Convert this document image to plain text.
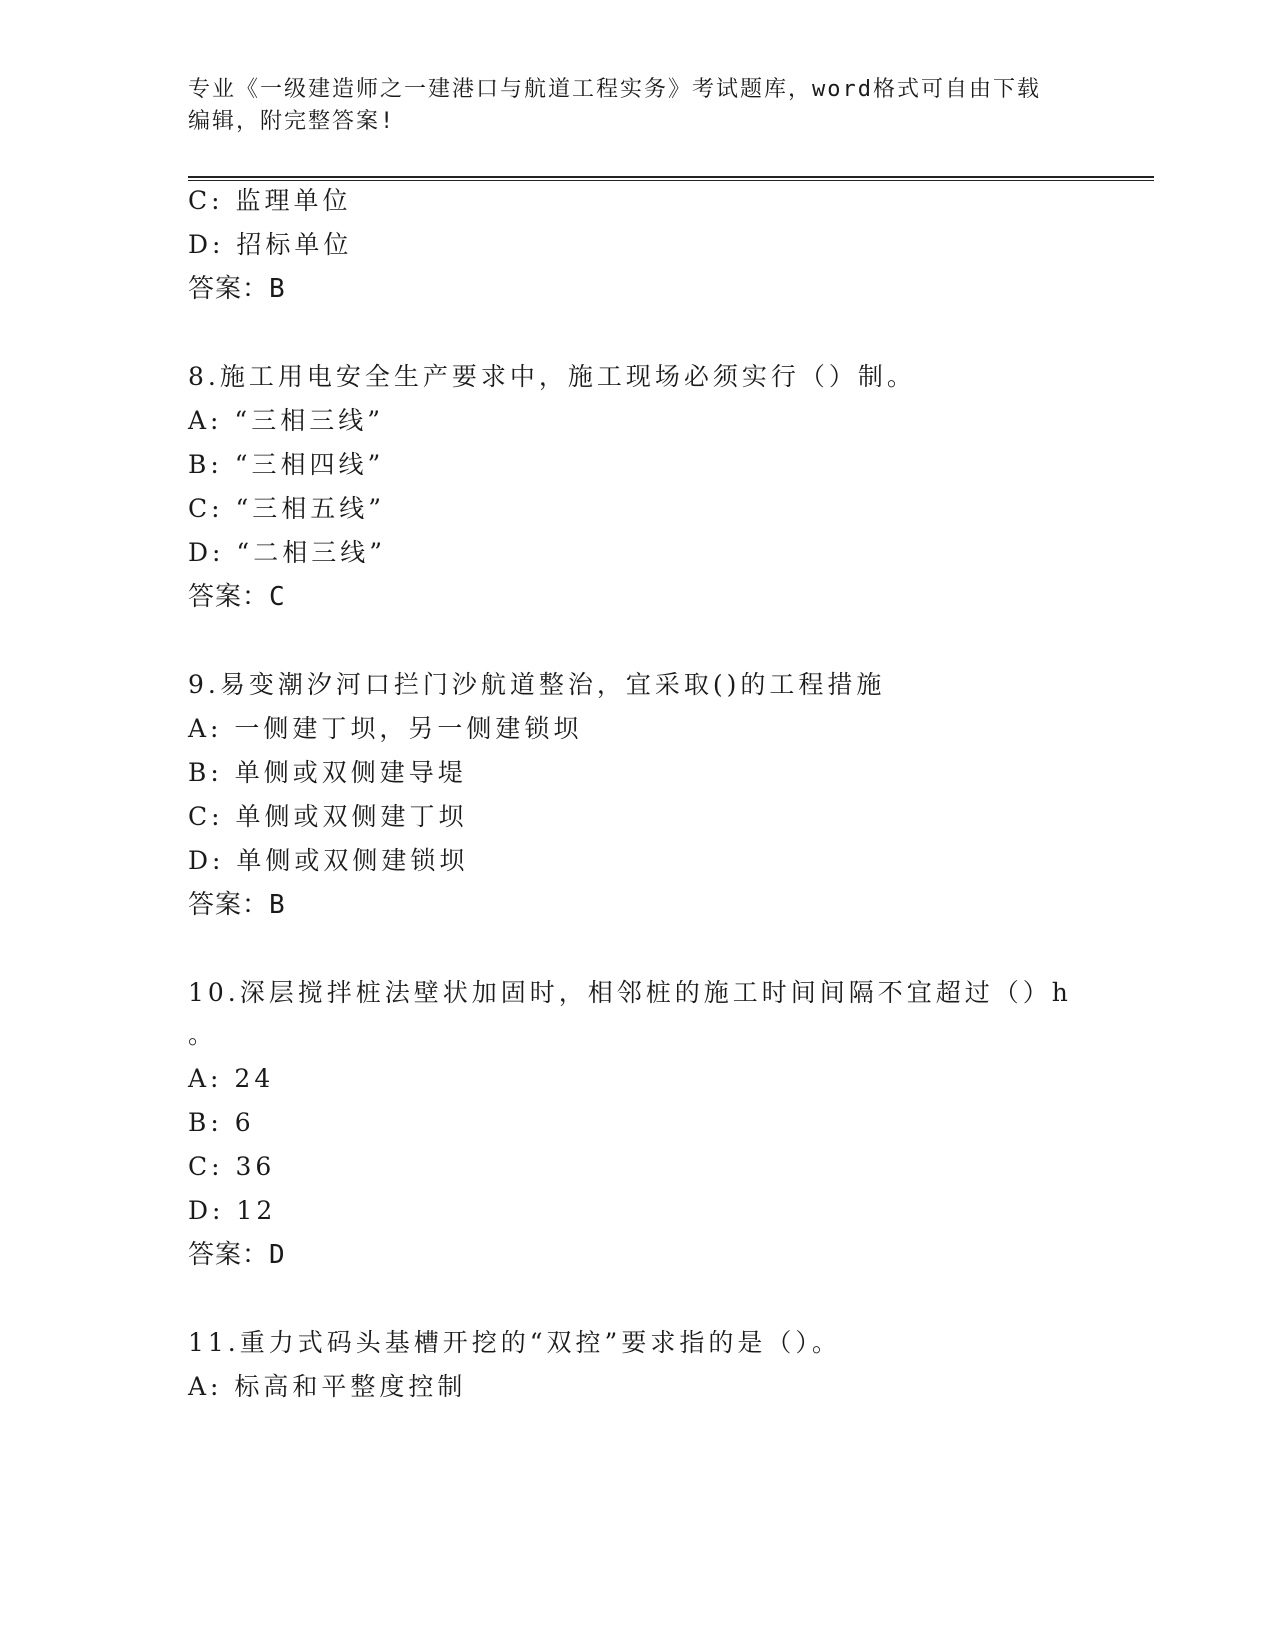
专业《一级建造师之一建港口与航道工程实务》考试题库，word格式可自由下载
编辑，附完整答案!
C: 监理单位
D: 招标单位
答案：B
8.施工用电安全生产要求中，施工现场必须实行（）制。
A: “三相三线”
B: “三相四线”
C: “三相五线”
D: “二相三线”
答案：C
9.易变潮汐河口拦门沙航道整治，宜采取()的工程措施
A: 一侧建丁坝，另一侧建锁坝
B: 单侧或双侧建导堤
C: 单侧或双侧建丁坝
D: 单侧或双侧建锁坝
答案：B
10.深层搅拌桩法壁状加固时，相邻桩的施工时间间隔不宜超过（）h
。
A: 24
B: 6
C: 36
D: 12
答案：D
11.重力式码头基槽开挖的“双控”要求指的是（）。
A: 标高和平整度控制
